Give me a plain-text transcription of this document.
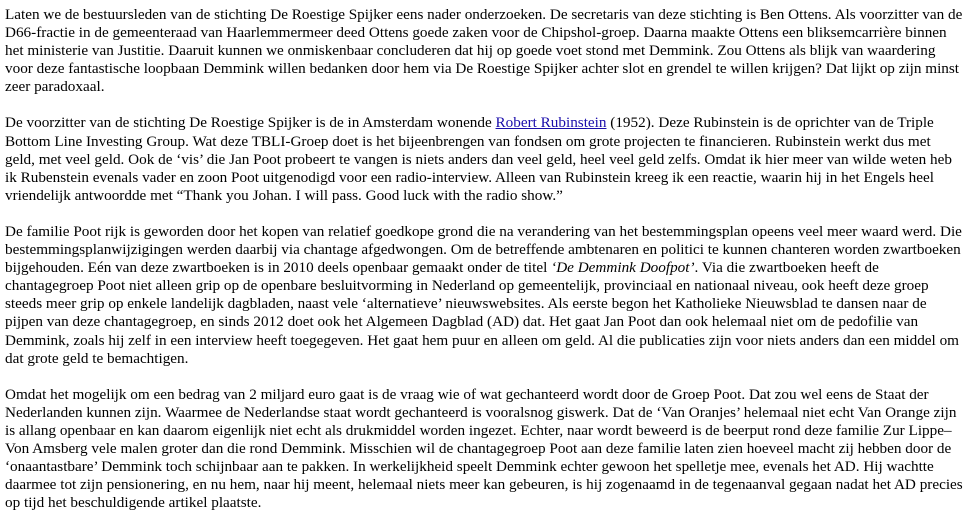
Laten we de bestuursleden van de stichting De Roestige Spijker eens nader onderzoeken. De secretaris van deze stichting is Ben Ottens. Als voorzitter van de D66-fractie in de gemeenteraad van Haarlemmermeer deed Ottens goede zaken voor de Chipshol-groep. Daarna maakte Ottens een bliksemcarrière binnen het ministerie van Justitie. Daaruit kunnen we onmiskenbaar concluderen dat hij op goede voet stond met Demmink. Zou Ottens als blijk van waardering voor deze fantastische loopbaan Demmink willen bedanken door hem via De Roestige Spijker achter slot en grendel te willen krijgen? Dat lijkt op zijn minst zeer paradoxaal.

De voorzitter van de stichting De Roestige Spijker is de in Amsterdam wonende Robert Rubinstein (1952). Deze Rubinstein is de oprichter van de Triple Bottom Line Investing Group. Wat deze TBLI-Groep doet is het bijeenbrengen van fondsen om grote projecten te financieren. Rubinstein werkt dus met geld, met veel geld. Ook de ‘vis’ die Jan Poot probeert te vangen is niets anders dan veel geld, heel veel geld zelfs. Omdat ik hier meer van wilde weten heb ik Rubenstein evenals vader en zoon Poot uitgenodigd voor een radio-interview. Alleen van Rubinstein kreeg ik een reactie, waarin hij in het Engels heel vriendelijk antwoordde met “Thank you Johan. I will pass. Good luck with the radio show.”

De familie Poot rijk is geworden door het kopen van relatief goedkope grond die na verandering van het bestemmingsplan opeens veel meer waard werd. Die bestemmingsplanwijzigingen werden daarbij via chantage afgedwongen. Om de betreffende ambtenaren en politici te kunnen chanteren worden zwartboeken bijgehouden. Eén van deze zwartboeken is in 2010 deels openbaar gemaakt onder de titel ‘De Demmink Doofpot’. Via die zwartboeken heeft de chantagegroep Poot niet alleen grip op de openbare besluitvorming in Nederland op gemeentelijk, provinciaal en nationaal niveau, ook heeft deze groep steeds meer grip op enkele landelijk dagbladen, naast vele ‘alternatieve’ nieuwswebsites. Als eerste begon het Katholieke Nieuwsblad te dansen naar de pijpen van deze chantagegroep, en sinds 2012 doet ook het Algemeen Dagblad (AD) dat. Het gaat Jan Poot dan ook helemaal niet om de pedofilie van Demmink, zoals hij zelf in een interview heeft toegegeven. Het gaat hem puur en alleen om geld. Al die publicaties zijn voor niets anders dan een middel om dat grote geld te bemachtigen.

Omdat het mogelijk om een bedrag van 2 miljard euro gaat is de vraag wie of wat gechanteerd wordt door de Groep Poot. Dat zou wel eens de Staat der Nederlanden kunnen zijn. Waarmee de Nederlandse staat wordt gechanteerd is vooralsnog giswerk. Dat de ‘Van Oranjes’ helemaal niet echt Van Orange zijn is allang openbaar en kan daarom eigenlijk niet echt als drukmiddel worden ingezet. Echter, naar wordt beweerd is de beerput rond deze familie Zur Lippe–Von Amsberg vele malen groter dan die rond Demmink. Misschien wil de chantagegroep Poot aan deze familie laten zien hoeveel macht zij hebben door de ‘onaantastbare’ Demmink toch schijnbaar aan te pakken. In werkelijkheid speelt Demmink echter gewoon het spelletje mee, evenals het AD. Hij wachtte daarmee tot zijn pensionering, en nu hem, naar hij meent, helemaal niets meer kan gebeuren, is hij zogenaamd in de tegenaanval gegaan nadat het AD precies op tijd het beschuldigende artikel plaatste.
